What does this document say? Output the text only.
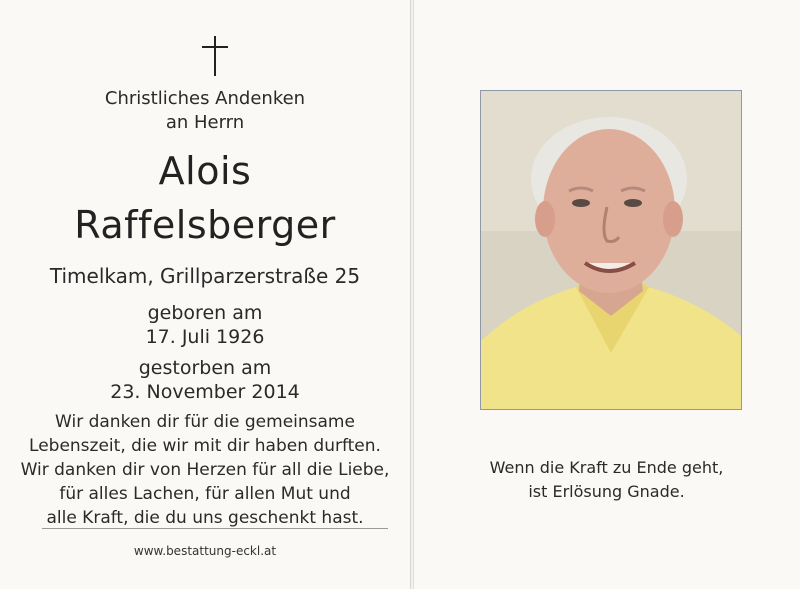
Christliches Andenken
an Herrn
Alois
Raffelsberger
Timelkam, Grillparzerstraße 25
geboren am
17. Juli 1926
gestorben am
23. November 2014
Wir danken dir für die gemeinsame
Lebenszeit, die wir mit dir haben durften.
Wir danken dir von Herzen für all die Liebe,
für alles Lachen, für allen Mut und
alle Kraft, die du uns geschenkt hast.
www.bestattung-eckl.at
Wenn die Kraft zu Ende geht,
ist Erlösung Gnade.
